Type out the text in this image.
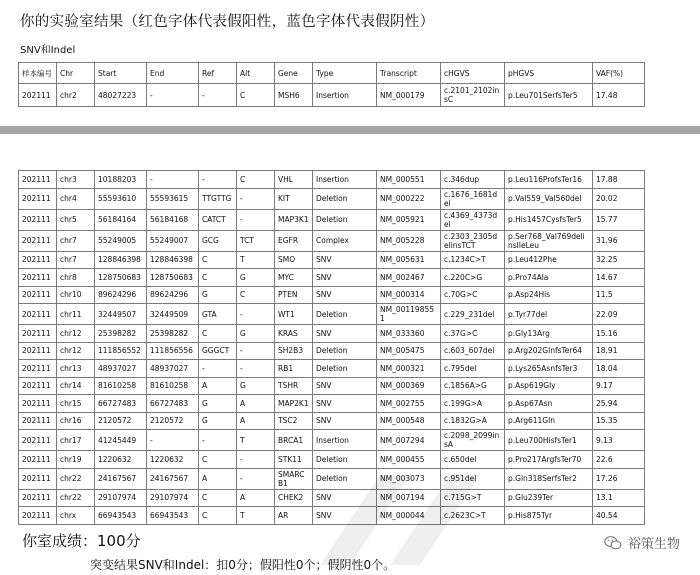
你的实验室结果（红色字体代表假阳性，蓝色字体代表假阴性）
SNV和Indel
样本编号	Chr	Start	End	Ref	Alt	Gene	Type	Transcript	cHGVS	pHGVS	VAF(%)
202111	chr2	48027223	-	-	C	MSH6	Insertion	NM_000179	c.2101_2102insC	p.Leu701SerfsTer5	17.48
202111	chr3	10188203	-	-	C	VHL	Insertion	NM_000551	c.346dup	p.Leu116ProfsTer16	17.88
202111	chr4	55593610	55593615	TTGTTG	-	KIT	Deletion	NM_000222	c.1676_1681del	p.Val559_Val560del	20.02
202111	chr5	56184164	56184168	CATCT	-	MAP3K1	Deletion	NM_005921	c.4369_4373del	p.His1457CysfsTer5	15.77
202111	chr7	55249005	55249007	GCG	TCT	EGFR	Complex	NM_005228	c.2303_2305delinsTCT	p.Ser768_Val769delinsIleLeu	31.96
202111	chr7	128846398	128846398	C	T	SMO	SNV	NM_005631	c.1234C>T	p.Leu412Phe	32.25
202111	chr8	128750683	128750683	C	G	MYC	SNV	NM_002467	c.220C>G	p.Pro74Ala	14.67
202111	chr10	89624296	89624296	G	C	PTEN	SNV	NM_000314	c.70G>C	p.Asp24His	11.5
202111	chr11	32449507	32449509	GTA	-	WT1	Deletion	NM_001198551	c.229_231del	p.Tyr77del	22.09
202111	chr12	25398282	25398282	C	G	KRAS	SNV	NM_033360	c.37G>C	p.Gly13Arg	15.16
202111	chr12	111856552	111856556	GGGCT	-	SH2B3	Deletion	NM_005475	c.603_607del	p.Arg202GlnfsTer64	18.91
202111	chr13	48937027	48937027	-	-	RB1	Deletion	NM_000321	c.795del	p.Lys265AsnfsTer3	18.04
202111	chr14	81610258	81610258	A	G	TSHR	SNV	NM_000369	c.1856A>G	p.Asp619Gly	9.17
202111	chr15	66727483	66727483	G	A	MAP2K1	SNV	NM_002755	c.199G>A	p.Asp67Asn	25.94
202111	chr16	2120572	2120572	G	A	TSC2	SNV	NM_000548	c.1832G>A	p.Arg611Gln	15.35
202111	chr17	41245449	-	-	T	BRCA1	Insertion	NM_007294	c.2098_2099insA	p.Leu700HisfsTer1	9.13
202111	chr19	1220632	1220632	C	-	STK11	Deletion	NM_000455	c.650del	p.Pro217ArgfsTer70	22.6
202111	chr22	24167567	24167567	A	-	SMARCB1	Deletion	NM_003073	c.951del	p.Gln318SerfsTer2	17.26
202111	chr22	29107974	29107974	C	A	CHEK2	SNV	NM_007194	c.715G>T	p.Glu239Ter	13.1
202111	chrx	66943543	66943543	C	T	AR	SNV	NM_000044	c.2623C>T	p.His875Tyr	40.54
你室成绩：100分
突变结果SNV和Indel：扣0分；假阳性0个；假阴性0个。
裕策生物
